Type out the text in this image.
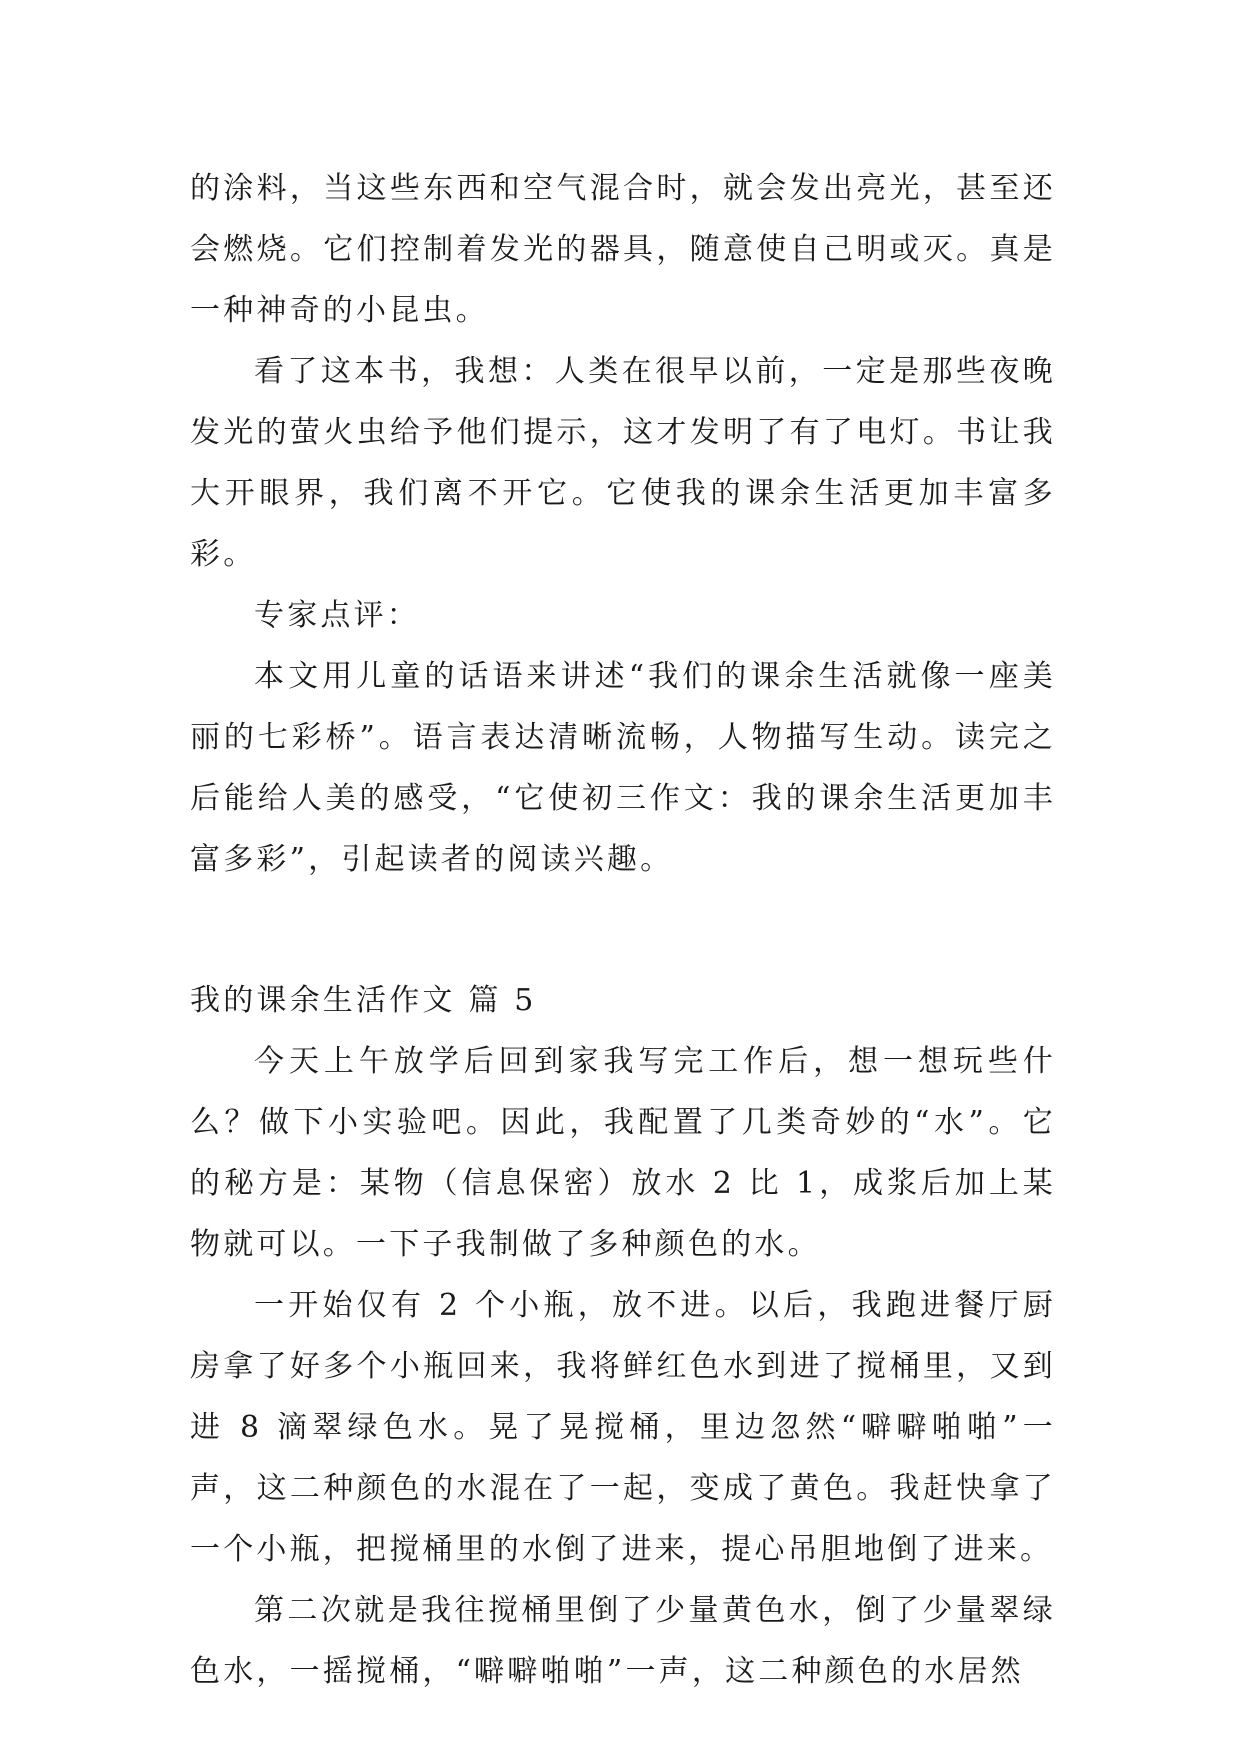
的涂料，当这些东西和空气混合时，就会发出亮光，甚至还会燃烧。它们控制着发光的器具，随意使自己明或灭。真是一种神奇的小昆虫。

看了这本书，我想：人类在很早以前，一定是那些夜晚发光的萤火虫给予他们提示，这才发明了有了电灯。书让我大开眼界，我们离不开它。它使我的课余生活更加丰富多彩。

专家点评：

本文用儿童的话语来讲述“我们的课余生活就像一座美丽的七彩桥”。语言表达清晰流畅，人物描写生动。读完之后能给人美的感受，“它使初三作文：我的课余生活更加丰富多彩”，引起读者的阅读兴趣。

我的课余生活作文 篇 5

今天上午放学后回到家我写完工作后，想一想玩些什么？做下小实验吧。因此，我配置了几类奇妙的“水”。它的秘方是：某物（信息保密）放水 2 比 1，成浆后加上某物就可以。一下子我制做了多种颜色的水。

一开始仅有 2 个小瓶，放不进。以后，我跑进餐厅厨房拿了好多个小瓶回来，我将鲜红色水到进了搅桶里，又到进 8 滴翠绿色水。晃了晃搅桶，里边忽然“噼噼啪啪”一声，这二种颜色的水混在了一起，变成了黄色。我赶快拿了一个小瓶，把搅桶里的水倒了进来，提心吊胆地倒了进来。

第二次就是我往搅桶里倒了少量黄色水，倒了少量翠绿色水，一摇搅桶，“噼噼啪啪”一声，这二种颜色的水居然
